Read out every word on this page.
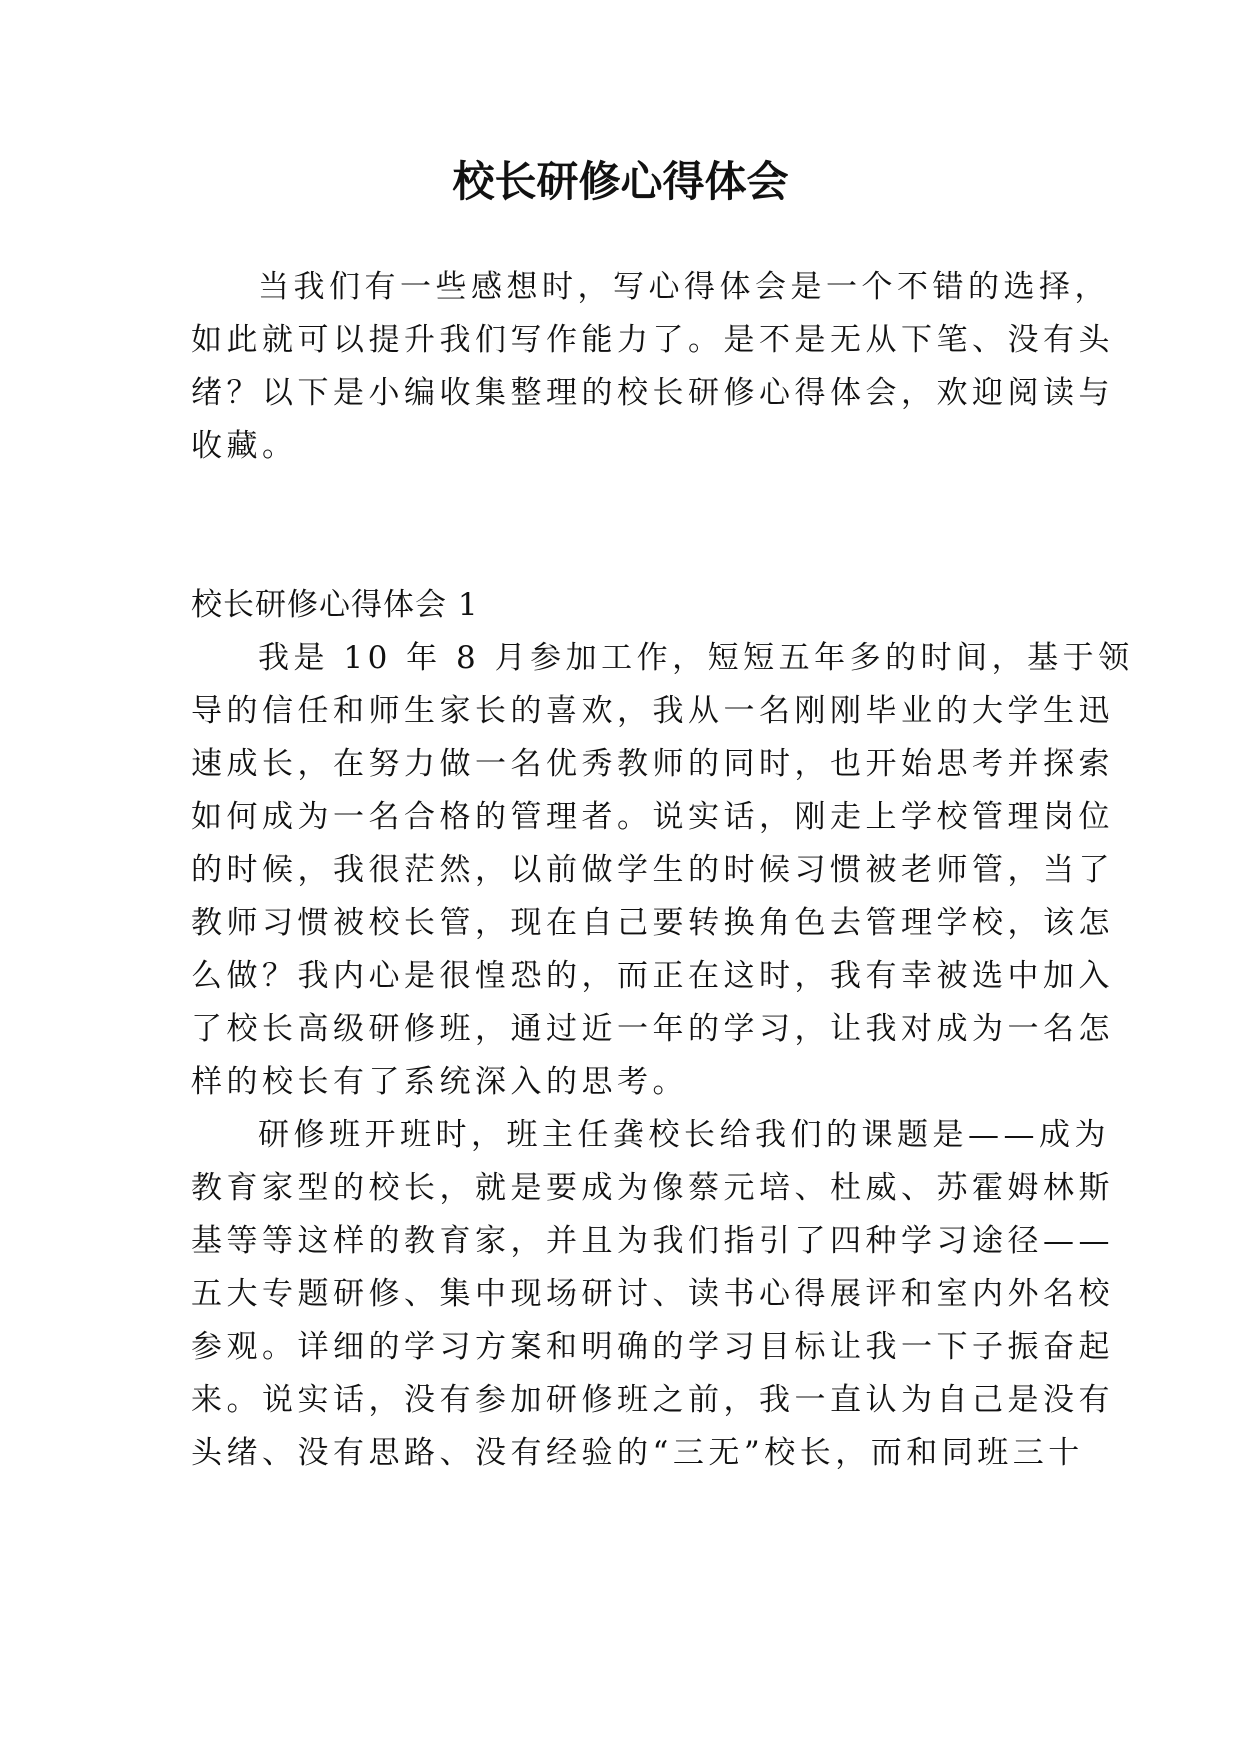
校长研修心得体会

当我们有一些感想时，写心得体会是一个不错的选择，

如此就可以提升我们写作能力了。是不是无从下笔、没有头

绪？以下是小编收集整理的校长研修心得体会，欢迎阅读与

收藏。

校长研修心得体会 1

我是 10 年 8 月参加工作，短短五年多的时间，基于领

导的信任和师生家长的喜欢，我从一名刚刚毕业的大学生迅

速成长，在努力做一名优秀教师的同时，也开始思考并探索

如何成为一名合格的管理者。说实话，刚走上学校管理岗位

的时候，我很茫然，以前做学生的时候习惯被老师管，当了

教师习惯被校长管，现在自己要转换角色去管理学校，该怎

么做？我内心是很惶恐的，而正在这时，我有幸被选中加入

了校长高级研修班，通过近一年的学习，让我对成为一名怎

样的校长有了系统深入的思考。

研修班开班时，班主任龚校长给我们的课题是——成为

教育家型的校长，就是要成为像蔡元培、杜威、苏霍姆林斯

基等等这样的教育家，并且为我们指引了四种学习途径——

五大专题研修、集中现场研讨、读书心得展评和室内外名校

参观。详细的学习方案和明确的学习目标让我一下子振奋起

来。说实话，没有参加研修班之前，我一直认为自己是没有

头绪、没有思路、没有经验的“三无”校长，而和同班三十
